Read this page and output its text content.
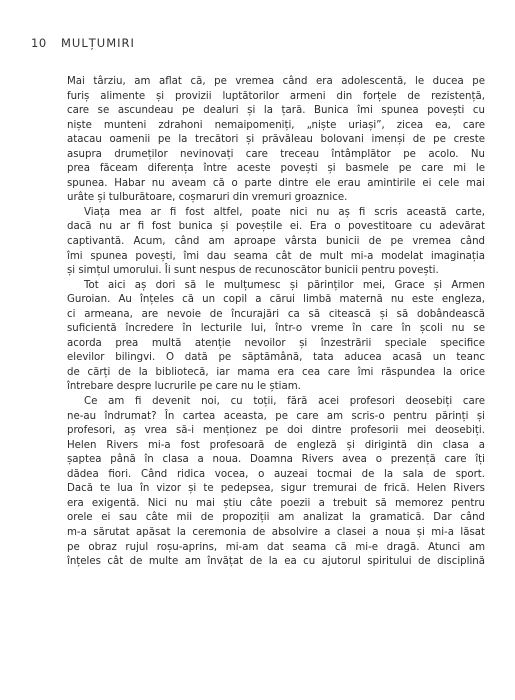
10 MULȚUMIRI
Mai târziu, am aflat că, pe vremea când era adolescentă, le ducea pe
furiș alimente și provizii luptătorilor armeni din forțele de rezistență,
care se ascundeau pe dealuri și la țară. Bunica îmi spunea povești cu
niște munteni zdrahoni nemaipomeniți, „niște uriași”, zicea ea, care
atacau oamenii pe la trecători și prăvăleau bolovani imenși de pe creste
asupra drumeților nevinovați care treceau întâmplător pe acolo. Nu
prea făceam diferența între aceste povești și basmele pe care mi le
spunea. Habar nu aveam că o parte dintre ele erau amintirile ei cele mai
urâte și tulburătoare, coșmaruri din vremuri groaznice.
Viața mea ar fi fost altfel, poate nici nu aș fi scris această carte,
dacă nu ar fi fost bunica și poveștile ei. Era o povestitoare cu adevărat
captivantă. Acum, când am aproape vârsta bunicii de pe vremea când
îmi spunea povești, îmi dau seama cât de mult mi-a modelat imaginația
și simțul umorului. Îi sunt nespus de recunoscător bunicii pentru povești.
Tot aici aș dori să le mulțumesc și părinților mei, Grace și Armen
Guroian. Au înțeles că un copil a cărui limbă maternă nu este engleza,
ci armeana, are nevoie de încurajări ca să citească și să dobândească
suficientă încredere în lecturile lui, într-o vreme în care în școli nu se
acorda prea multă atenție nevoilor și înzestrării speciale specifice
elevilor bilingvi. O dată pe săptămână, tata aducea acasă un teanc
de cărți de la bibliotecă, iar mama era cea care îmi răspundea la orice
întrebare despre lucrurile pe care nu le știam.
Ce am fi devenit noi, cu toții, fără acei profesori deosebiți care
ne-au îndrumat? În cartea aceasta, pe care am scris-o pentru părinți și
profesori, aș vrea să-i menționez pe doi dintre profesorii mei deosebiți.
Helen Rivers mi-a fost profesoară de engleză și dirigintă din clasa a
șaptea până în clasa a noua. Doamna Rivers avea o prezență care îți
dădea fiori. Când ridica vocea, o auzeai tocmai de la sala de sport.
Dacă te lua în vizor și te pedepsea, sigur tremurai de frică. Helen Rivers
era exigentă. Nici nu mai știu câte poezii a trebuit să memorez pentru
orele ei sau câte mii de propoziții am analizat la gramatică. Dar când
m-a sărutat apăsat la ceremonia de absolvire a clasei a noua și mi-a lăsat
pe obraz rujul roșu-aprins, mi-am dat seama că mi-e dragă. Atunci am
înțeles cât de multe am învățat de la ea cu ajutorul spiritului de disciplină
